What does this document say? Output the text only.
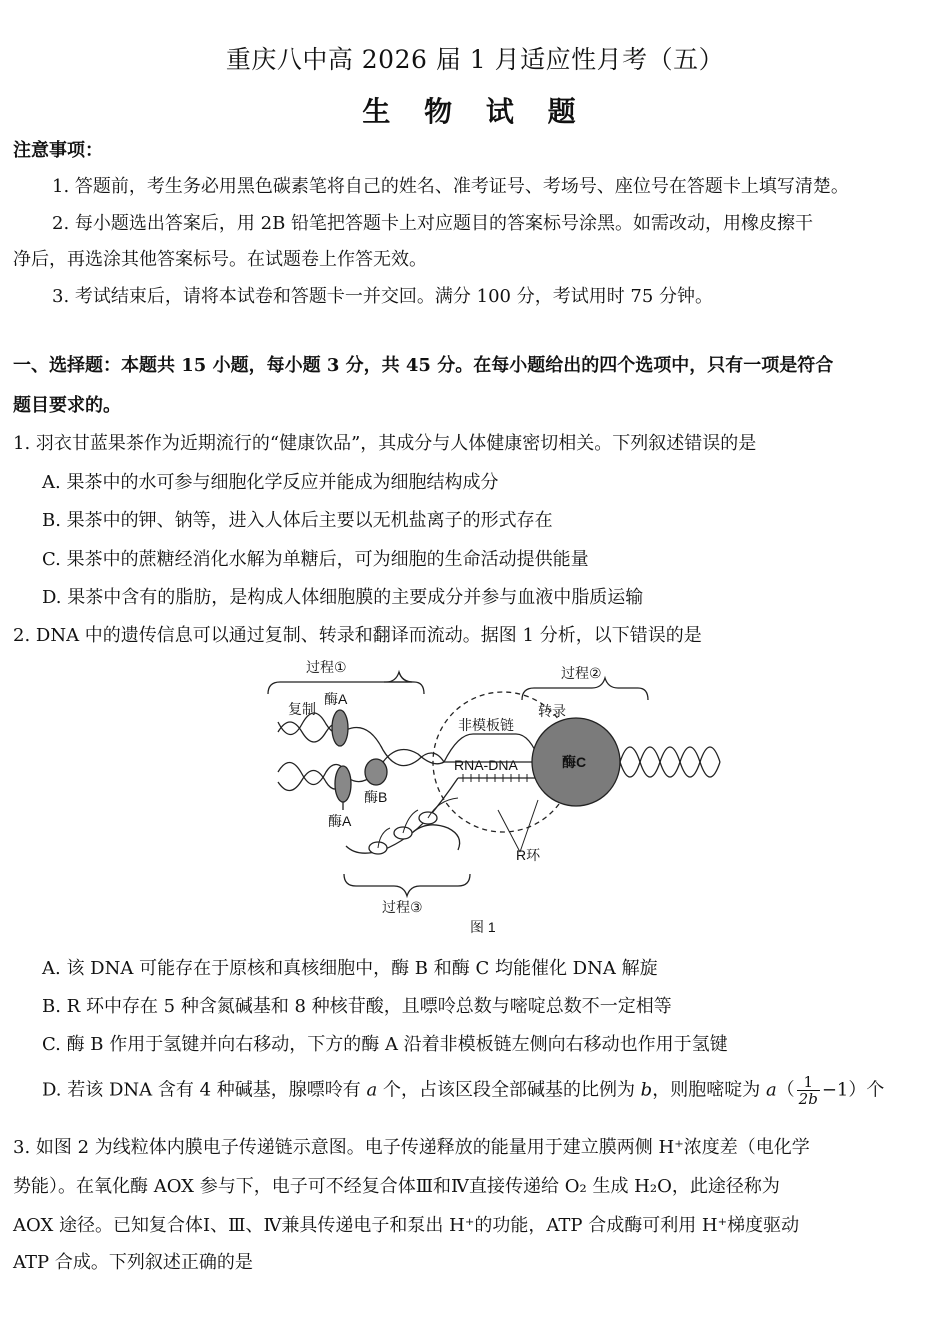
重庆八中高 2026 届 1 月适应性月考（五）
生 物 试 题
注意事项：
1. 答题前，考生务必用黑色碳素笔将自己的姓名、准考证号、考场号、座位号在答题卡上填写清楚。
2. 每小题选出答案后，用 2B 铅笔把答题卡上对应题目的答案标号涂黑。如需改动，用橡皮擦干
净后，再选涂其他答案标号。在试题卷上作答无效。
3. 考试结束后，请将本试卷和答题卡一并交回。满分 100 分，考试用时 75 分钟。
一、选择题：本题共 15 小题，每小题 3 分，共 45 分。在每小题给出的四个选项中，只有一项是符合
题目要求的。
1. 羽衣甘蓝果茶作为近期流行的“健康饮品”，其成分与人体健康密切相关。下列叙述错误的是
A. 果茶中的水可参与细胞化学反应并能成为细胞结构成分
B. 果茶中的钾、钠等，进入人体后主要以无机盐离子的形式存在
C. 果茶中的蔗糖经消化水解为单糖后，可为细胞的生命活动提供能量
D. 果茶中含有的脂肪，是构成人体细胞膜的主要成分并参与血液中脂质运输
2. DNA 中的遗传信息可以通过复制、转录和翻译而流动。据图 1 分析，以下错误的是
过程①	过程②
过程③
复制	转录
非模板链
RNA-DNA
R环
酶C
酶A
酶A
酶B
图 1
A. 该 DNA 可能存在于原核和真核细胞中，酶 B 和酶 C 均能催化 DNA 解旋
B. R 环中存在 5 种含氮碱基和 8 种核苷酸，且嘌呤总数与嘧啶总数不一定相等
C. 酶 B 作用于氢键并向右移动，下方的酶 A 沿着非模板链左侧向右移动也作用于氢键
D. 若该 DNA 含有 4 种碱基，腺嘌呤有 a 个，占该区段全部碱基的比例为 b，则胞嘧啶为 $a( \frac{1}{2b} -1)$个
3. 如图 2 为线粒体内膜电子传递链示意图。电子传递释放的能量用于建立膜两侧 H⁺浓度差（电化学
势能）。在氧化酶 AOX 参与下，电子可不经复合体Ⅲ和Ⅳ直接传递给 O₂ 生成 H₂O，此途径称为
AOX 途径。已知复合体Ⅰ、Ⅲ、Ⅳ兼具传递电子和泵出 H⁺的功能，ATP 合成酶可利用 H⁺梯度驱动
ATP 合成。下列叙述正确的是
